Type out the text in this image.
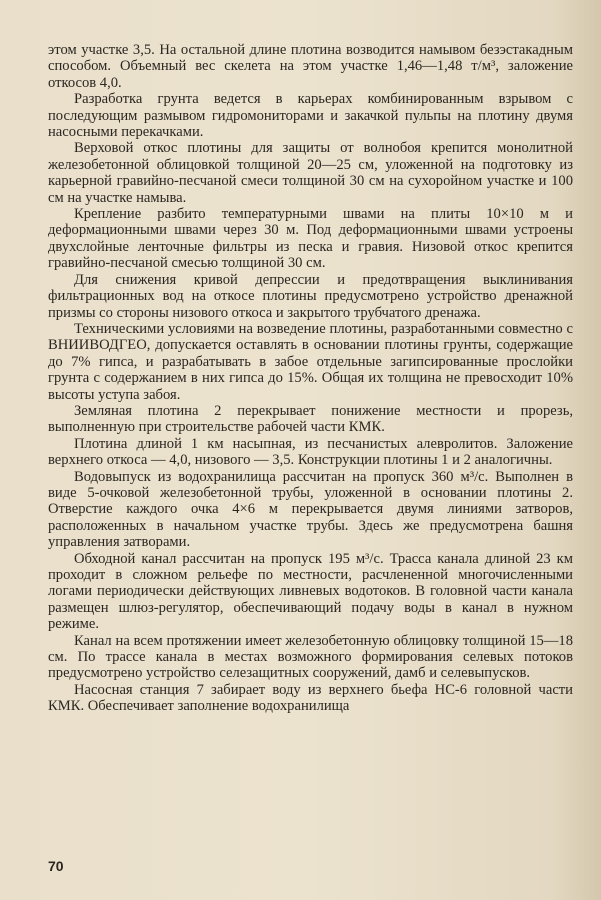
этом участке 3,5. На остальной длине плотина возводится намывом безэстакадным способом. Объемный вес скелета на этом участке 1,46—1,48 т/м³, заложение откосов 4,0.

Разработка грунта ведется в карьерах комбинированным взрывом с последующим размывом гидромониторами и закачкой пульпы на плотину двумя насосными перекачками.

Верховой откос плотины для защиты от волнобоя крепится монолитной железобетонной облицовкой толщиной 20—25 см, уложенной на подготовку из карьерной гравийно-песчаной смеси толщиной 30 см на сухоройном участке и 100 см на участке намыва.

Крепление разбито температурными швами на плиты 10×10 м и деформационными швами через 30 м. Под деформационными швами устроены двухслойные ленточные фильтры из песка и гравия. Низовой откос крепится гравийно-песчаной смесью толщиной 30 см.

Для снижения кривой депрессии и предотвращения выклинивания фильтрационных вод на откосе плотины предусмотрено устройство дренажной призмы со стороны низового откоса и закрытого трубчатого дренажа.

Техническими условиями на возведение плотины, разработанными совместно с ВНИИВОДГЕО, допускается оставлять в основании плотины грунты, содержащие до 7% гипса, и разрабатывать в забое отдельные загипсированные прослойки грунта с содержанием в них гипса до 15%. Общая их толщина не превосходит 10% высоты уступа забоя.

Земляная плотина 2 перекрывает понижение местности и прорезь, выполненную при строительстве рабочей части КМК.

Плотина длиной 1 км насыпная, из песчанистых алевролитов. Заложение верхнего откоса — 4,0, низового — 3,5. Конструкции плотины 1 и 2 аналогичны.

Водовыпуск из водохранилища рассчитан на пропуск 360 м³/с. Выполнен в виде 5-очковой железобетонной трубы, уложенной в основании плотины 2. Отверстие каждого очка 4×6 м перекрывается двумя линиями затворов, расположенных в начальном участке трубы. Здесь же предусмотрена башня управления затворами.

Обходной канал рассчитан на пропуск 195 м³/с. Трасса канала длиной 23 км проходит в сложном рельефе по местности, расчлененной многочисленными логами периодически действующих ливневых водотоков. В головной части канала размещен шлюз-регулятор, обеспечивающий подачу воды в канал в нужном режиме.

Канал на всем протяжении имеет железобетонную облицовку толщиной 15—18 см. По трассе канала в местах возможного формирования селевых потоков предусмотрено устройство селезащитных сооружений, дамб и селевыпусков.

Насосная станция 7 забирает воду из верхнего бьефа НС-6 головной части КМК. Обеспечивает заполнение водохранилища

70
